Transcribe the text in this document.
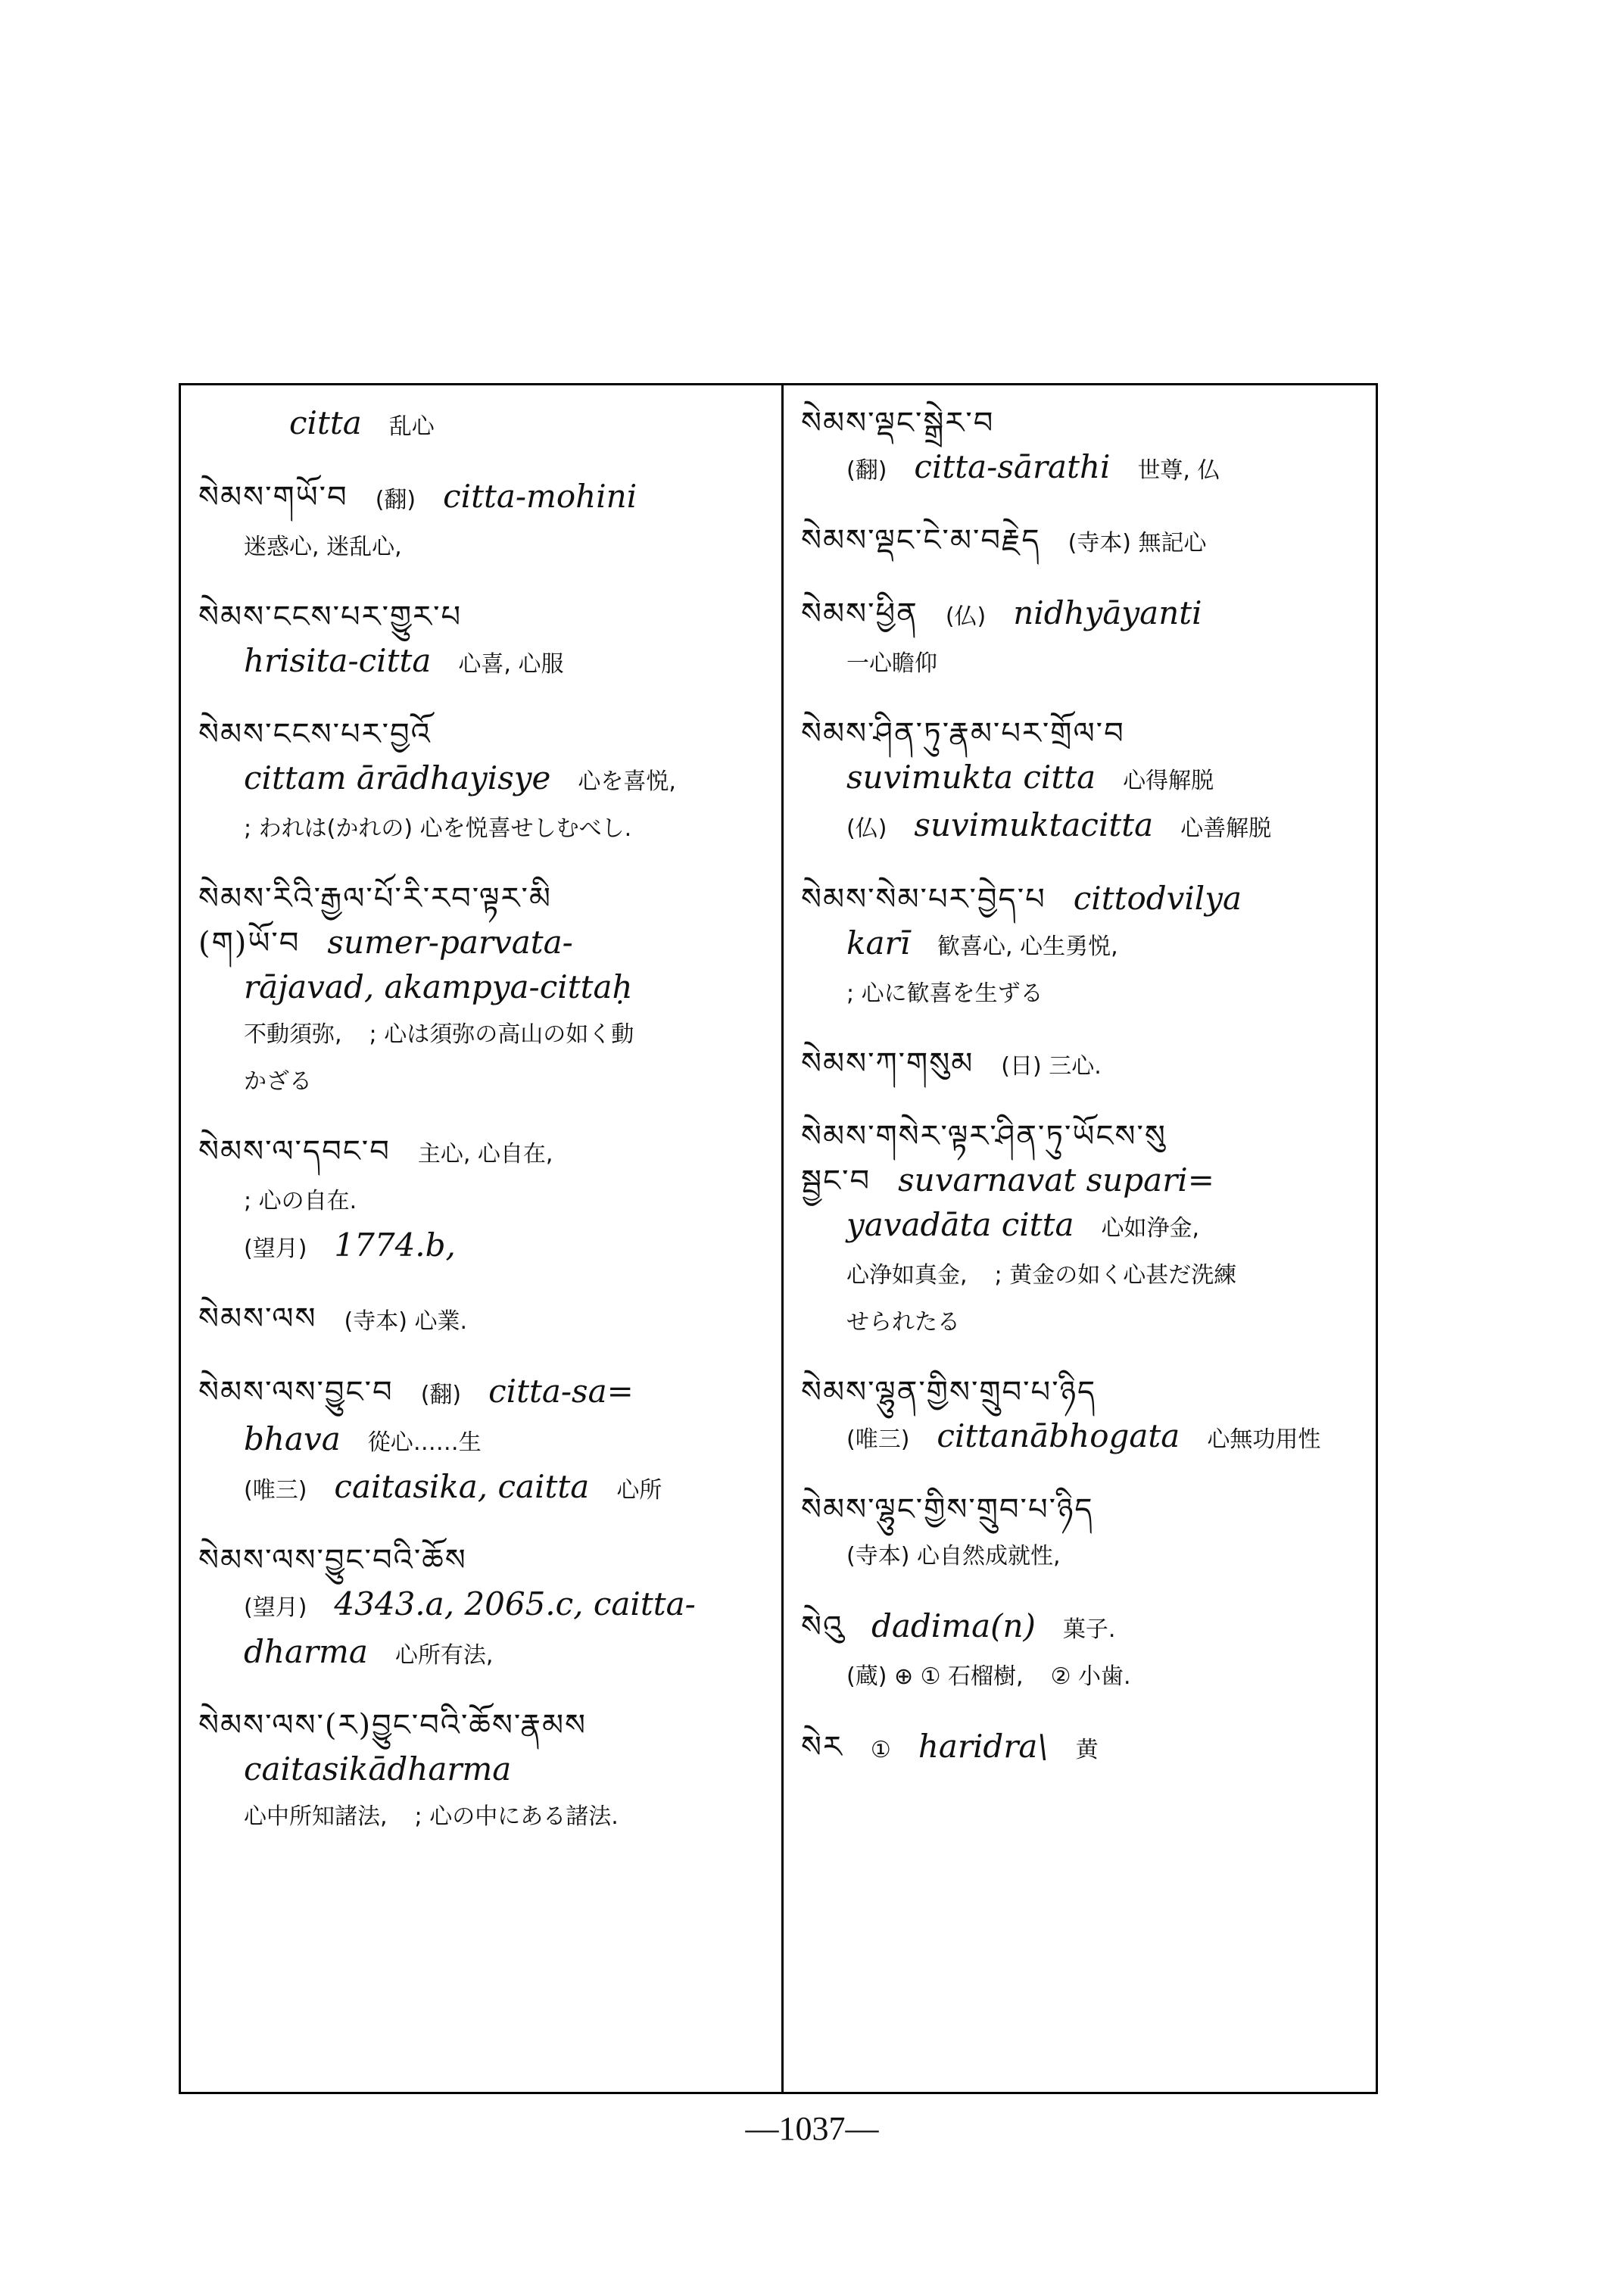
citta 乱心
སེམས་གཡོ་བ (翻) citta-mohini
迷惑心, 迷乱心,
སེམས་ངངས་པར་གྱུར་པ
hrisita-citta 心喜, 心服
སེམས་ངངས་པར་བྱའོ
cittam ārādhayisye 心を喜悦,
; われは(かれの) 心を悦喜せしむべし.
སེམས་རིའི་རྒྱལ་པོ་རི་རབ་ལྟར་མི
(ག)ཡོ་བ sumer-parvata-
rājavad, akampya-cittaḥ
不動須弥, ; 心は須弥の高山の如く動
かざる
སེམས་ལ་དབང་བ 主心, 心自在,
; 心の自在.
(望月) 1774.b,
སེམས་ལས (寺本) 心業.
སེམས་ལས་བྱུང་བ (翻) citta-sa=
bhava 從心……生
(唯三) caitasika, caitta 心所
སེམས་ལས་བྱུང་བའི་ཆོས
(望月) 4343.a, 2065.c, caitta-
dharma 心所有法,
སེམས་ལས་(ར)བྱུང་བའི་ཆོས་རྣམས
caitasikādharma
心中所知諸法, ; 心の中にある諸法.
སེམས་ལྡང་སྒྲེར་བ
(翻) citta-sārathi 世尊, 仏
སེམས་ལྡང་ངེ་མ་བརྗེད (寺本) 無記心
སེམས་ཕྱིན (仏) nidhyāyanti
一心瞻仰
སེམས་ཤིན་ཏུ་རྣམ་པར་གྲོལ་བ
suvimukta citta 心得解脱
(仏) suvimuktacitta 心善解脱
སེམས་སེམ་པར་བྱེད་པ cittodvilya
karī 歓喜心, 心生勇悦,
; 心に歓喜を生ずる
སེམས་ཀ་གསུམ (日) 三心.
སེམས་གསེར་ལྟར་ཤིན་ཏུ་ཡོངས་སུ
སྦྱང་བ suvarnavat supari=
yavadāta citta 心如浄金,
心浄如真金, ; 黄金の如く心甚だ洗練
せられたる
སེམས་ལྷུན་གྱིས་གྲུབ་པ་ཉིད
(唯三) cittanābhogata 心無功用性
སེམས་ལྷུང་གྱིས་གྲུབ་པ་ཉིད
(寺本) 心自然成就性,
སེའུ dadima(n) 菓子.
(蔵) ⊕ ① 石榴樹, ② 小歯.
སེར ① haridra\ 黄
—1037—
